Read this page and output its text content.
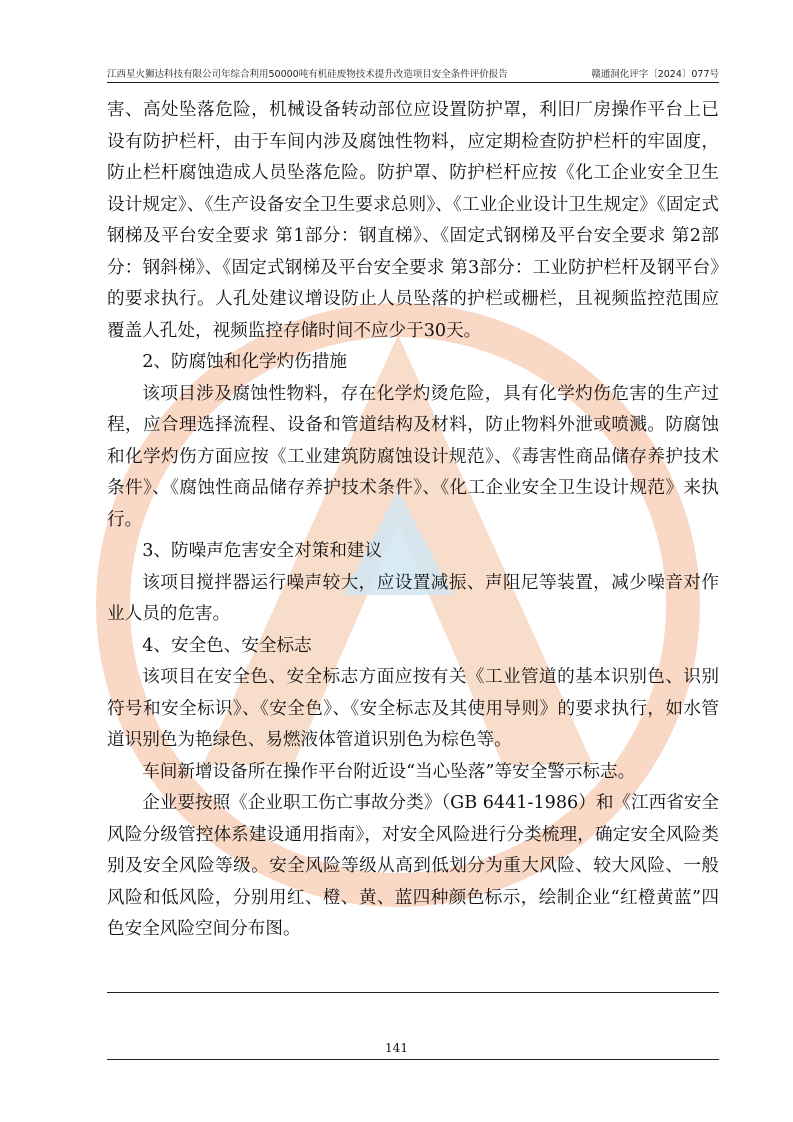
江西星火狮达科技有限公司年综合利用50000吨有机硅废物技术提升改造项目安全条件评价报告	赣通洞化评字〔2024〕077号

害、高处坠落危险，机械设备转动部位应设置防护罩，利旧厂房操作平台上已设有防护栏杆，由于车间内涉及腐蚀性物料，应定期检查防护栏杆的牢固度，防止栏杆腐蚀造成人员坠落危险。防护罩、防护栏杆应按《化工企业安全卫生设计规定》、《生产设备安全卫生要求总则》、《工业企业设计卫生规定》《固定式钢梯及平台安全要求 第1部分：钢直梯》、《固定式钢梯及平台安全要求 第2部分：钢斜梯》、《固定式钢梯及平台安全要求 第3部分：工业防护栏杆及钢平台》的要求执行。人孔处建议增设防止人员坠落的护栏或栅栏，且视频监控范围应覆盖人孔处，视频监控存储时间不应少于30天。

2、防腐蚀和化学灼伤措施

该项目涉及腐蚀性物料，存在化学灼烫危险，具有化学灼伤危害的生产过程，应合理选择流程、设备和管道结构及材料，防止物料外泄或喷溅。防腐蚀和化学灼伤方面应按《工业建筑防腐蚀设计规范》、《毒害性商品储存养护技术条件》、《腐蚀性商品储存养护技术条件》、《化工企业安全卫生设计规范》来执行。

3、防噪声危害安全对策和建议

该项目搅拌器运行噪声较大，应设置减振、声阻尼等装置，减少噪音对作业人员的危害。

4、安全色、安全标志

该项目在安全色、安全标志方面应按有关《工业管道的基本识别色、识别符号和安全标识》、《安全色》、《安全标志及其使用导则》的要求执行，如水管道识别色为艳绿色、易燃液体管道识别色为棕色等。

车间新增设备所在操作平台附近设“当心坠落”等安全警示标志。

企业要按照《企业职工伤亡事故分类》（GB 6441-1986）和《江西省安全风险分级管控体系建设通用指南》，对安全风险进行分类梳理，确定安全风险类别及安全风险等级。安全风险等级从高到低划分为重大风险、较大风险、一般风险和低风险，分别用红、橙、黄、蓝四种颜色标示，绘制企业“红橙黄蓝”四色安全风险空间分布图。

141
